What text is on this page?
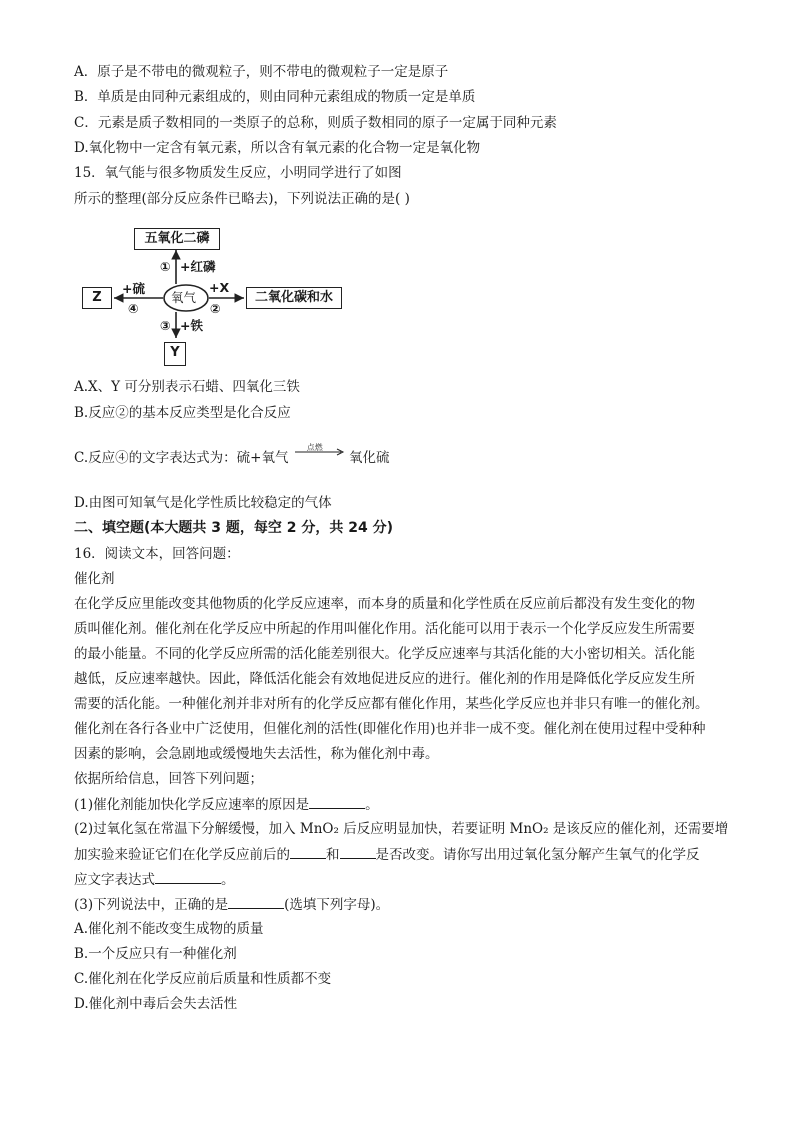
A．原子是不带电的微观粒子，则不带电的微观粒子一定是原子
B．单质是由同种元素组成的，则由同种元素组成的物质一定是单质
C．元素是质子数相同的一类原子的总称，则质子数相同的原子一定属于同种元素
D.氧化物中一定含有氧元素，所以含有氧元素的化合物一定是氧化物
15．氧气能与很多物质发生反应，小明同学进行了如图
所示的整理(部分反应条件已略去)，下列说法正确的是( )
五氧化二磷
Z	二氧化碳和水
Y
氧气
① +红磷
+硫
④
+X
②
③ +铁
A.X、Y 可分别表示石蜡、四氧化三铁
B.反应②的基本反应类型是化合反应
C.反应④的文字表达式为：硫+氧气
点燃
氧化硫
D.由图可知氧气是化学性质比较稳定的气体
二、填空题(本大题共 3 题，每空 2 分，共 24 分)
16．阅读文本，回答问题：
催化剂
在化学反应里能改变其他物质的化学反应速率，而本身的质量和化学性质在反应前后都没有发生变化的物
质叫催化剂。催化剂在化学反应中所起的作用叫催化作用。活化能可以用于表示一个化学反应发生所需要
的最小能量。不同的化学反应所需的活化能差别很大。化学反应速率与其活化能的大小密切相关。活化能
越低，反应速率越快。因此，降低活化能会有效地促进反应的进行。催化剂的作用是降低化学反应发生所
需要的活化能。一种催化剂并非对所有的化学反应都有催化作用，某些化学反应也并非只有唯一的催化剂。
催化剂在各行各业中广泛使用，但催化剂的活性(即催化作用)也并非一成不变。催化剂在使用过程中受种种
因素的影响，会急剧地或缓慢地失去活性，称为催化剂中毒。
依据所给信息，回答下列问题；
(1)催化剂能加快化学反应速率的原因是	。
(2)过氧化氢在常温下分解缓慢，加入 MnO₂ 后反应明显加快，若要证明 MnO₂ 是该反应的催化剂，还需要增
加实验来验证它们在化学反应前后的	和	是否改变。请你写出用过氧化氢分解产生氧气的化学反
应文字表达式	。
(3)下列说法中，正确的是	(选填下列字母)。
A.催化剂不能改变生成物的质量
B.一个反应只有一种催化剂
C.催化剂在化学反应前后质量和性质都不变
D.催化剂中毒后会失去活性
